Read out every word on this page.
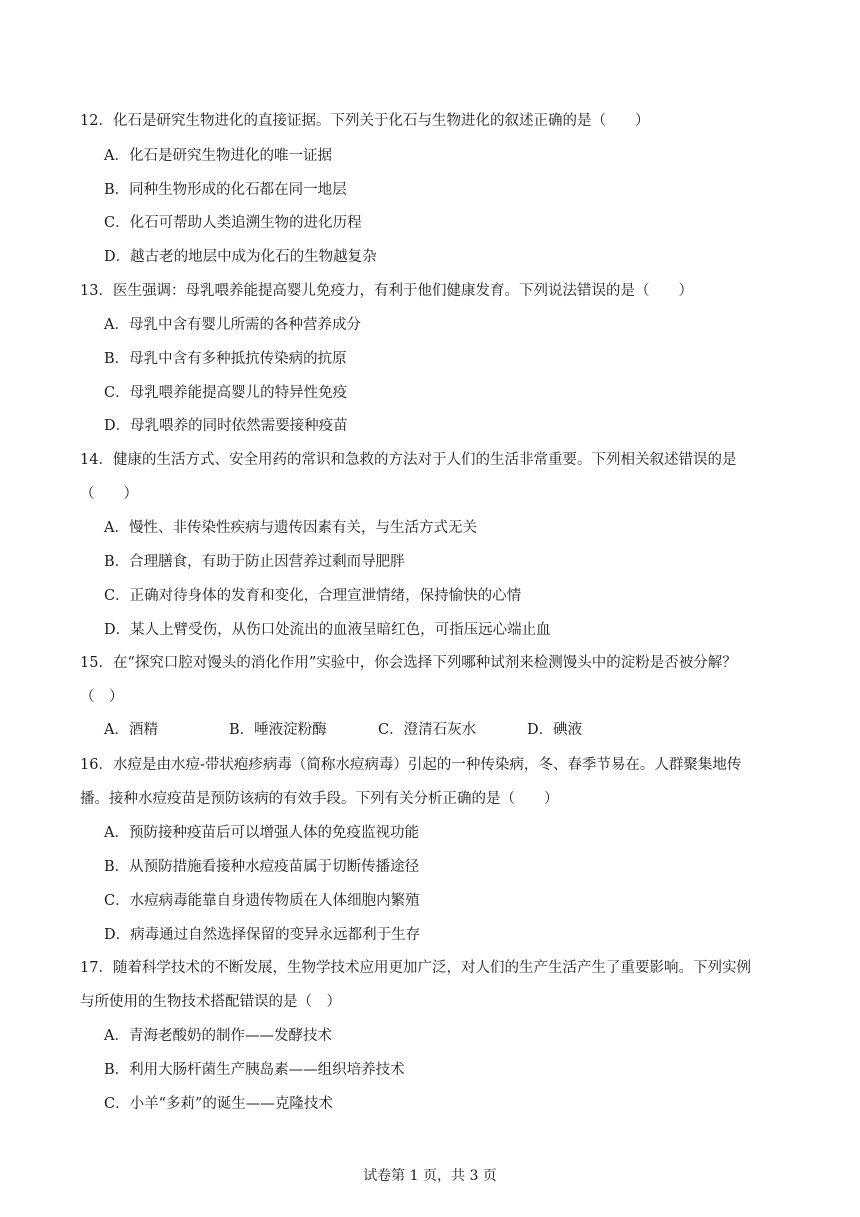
12．化石是研究生物进化的直接证据。下列关于化石与生物进化的叙述正确的是（　　）
A．化石是研究生物进化的唯一证据
B．同种生物形成的化石都在同一地层
C．化石可帮助人类追溯生物的进化历程
D．越古老的地层中成为化石的生物越复杂
13．医生强调：母乳喂养能提高婴儿免疫力，有利于他们健康发育。下列说法错误的是（　　）
A．母乳中含有婴儿所需的各种营养成分
B．母乳中含有多种抵抗传染病的抗原
C．母乳喂养能提高婴儿的特异性免疫
D．母乳喂养的同时依然需要接种疫苗
14．健康的生活方式、安全用药的常识和急救的方法对于人们的生活非常重要。下列相关叙述错误的是
（　　）
A．慢性、非传染性疾病与遗传因素有关，与生活方式无关
B．合理膳食，有助于防止因营养过剩而导肥胖
C．正确对待身体的发育和变化，合理宣泄情绪，保持愉快的心情
D．某人上臂受伤，从伤口处流出的血液呈暗红色，可指压远心端止血
15．在“探究口腔对馒头的消化作用”实验中，你会选择下列哪种试剂来检测馒头中的淀粉是否被分解？
（　）
A．酒精	B．唾液淀粉酶	C．澄清石灰水	D．碘液
16．水痘是由水痘-带状疱疹病毒（简称水痘病毒）引起的一种传染病，冬、春季节易在。人群聚集地传
播。接种水痘疫苗是预防该病的有效手段。下列有关分析正确的是（　　）
A．预防接种疫苗后可以增强人体的免疫监视功能
B．从预防措施看接种水痘疫苗属于切断传播途径
C．水痘病毒能靠自身遗传物质在人体细胞内繁殖
D．病毒通过自然选择保留的变异永远都利于生存
17．随着科学技术的不断发展，生物学技术应用更加广泛，对人们的生产生活产生了重要影响。下列实例
与所使用的生物技术搭配错误的是（　）
A．青海老酸奶的制作——发酵技术
B．利用大肠杆菌生产胰岛素——组织培养技术
C．小羊“多莉”的诞生——克隆技术
试卷第 1 页，共 3 页
